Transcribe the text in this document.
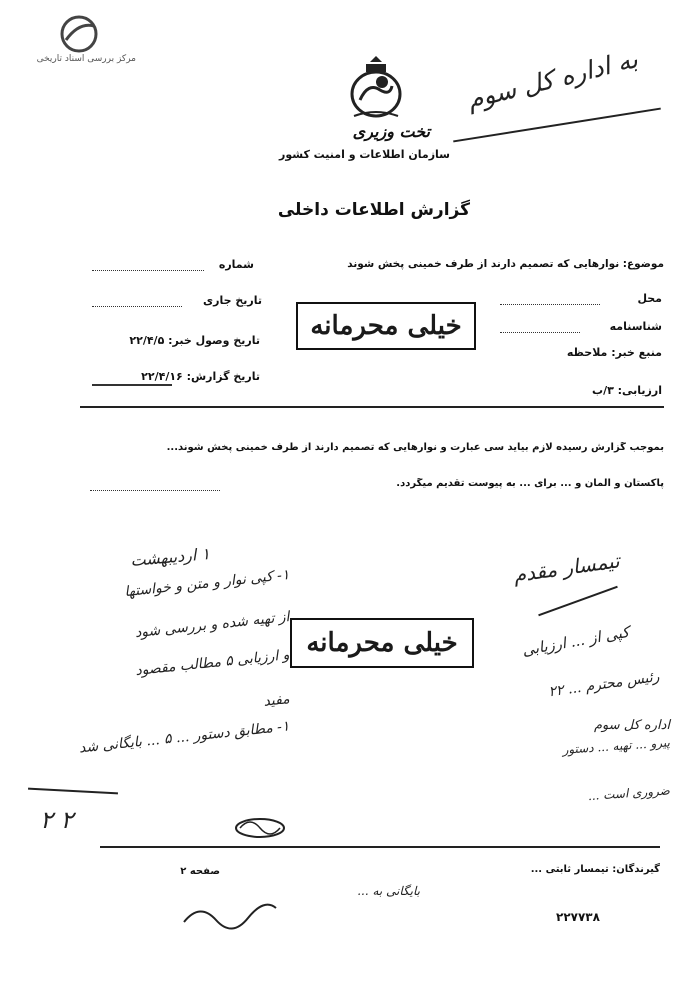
مرکز بررسی اسناد تاریخی
تخت وزیری
سازمان اطلاعات و امنیت کشور
گزارش اطلاعات داخلی
به اداره کل سوم
موضوع: نوارهایی که تصمیم دارند از طرف خمینی پخش شوند
شماره
تاریخ جاری
تاریخ وصول خبر: ۲۲/۴/۵
تاریخ گزارش: ۲۲/۴/۱۶
محل
شناسنامه
منبع خبر: ملاحظه
ارزیابی: ۳/ب
خیلی محرمانه
بموجب گزارش رسیده لازم بیاید سی عبارت و نوارهایی که تصمیم دارند از طرف خمینی پخش شوند...
پاکستان و آلمان و ... برای ... به پیوست تقدیم میگردد.
خیلی محرمانه
۱ اردیبهشت
۱- کپی نوار و متن و خواستها
از تهیه شده و بررسی شود
و ارزیابی ۵ مطالب مقصود
مفید
۱- مطابق دستور ... ۵ ... بایگانی شد
۲ ۲
تیمسار مقدم
کپی از ... ارزیابی
رئیس محترم ... ۲۲
اداره کل سوم
پیرو ... تهیه ... دستور
ضروری است ...
صفحه ۲	گیرندگان: تیمسار ثابتی ...
بایگانی به ...
۲۲۷۷۳۸
